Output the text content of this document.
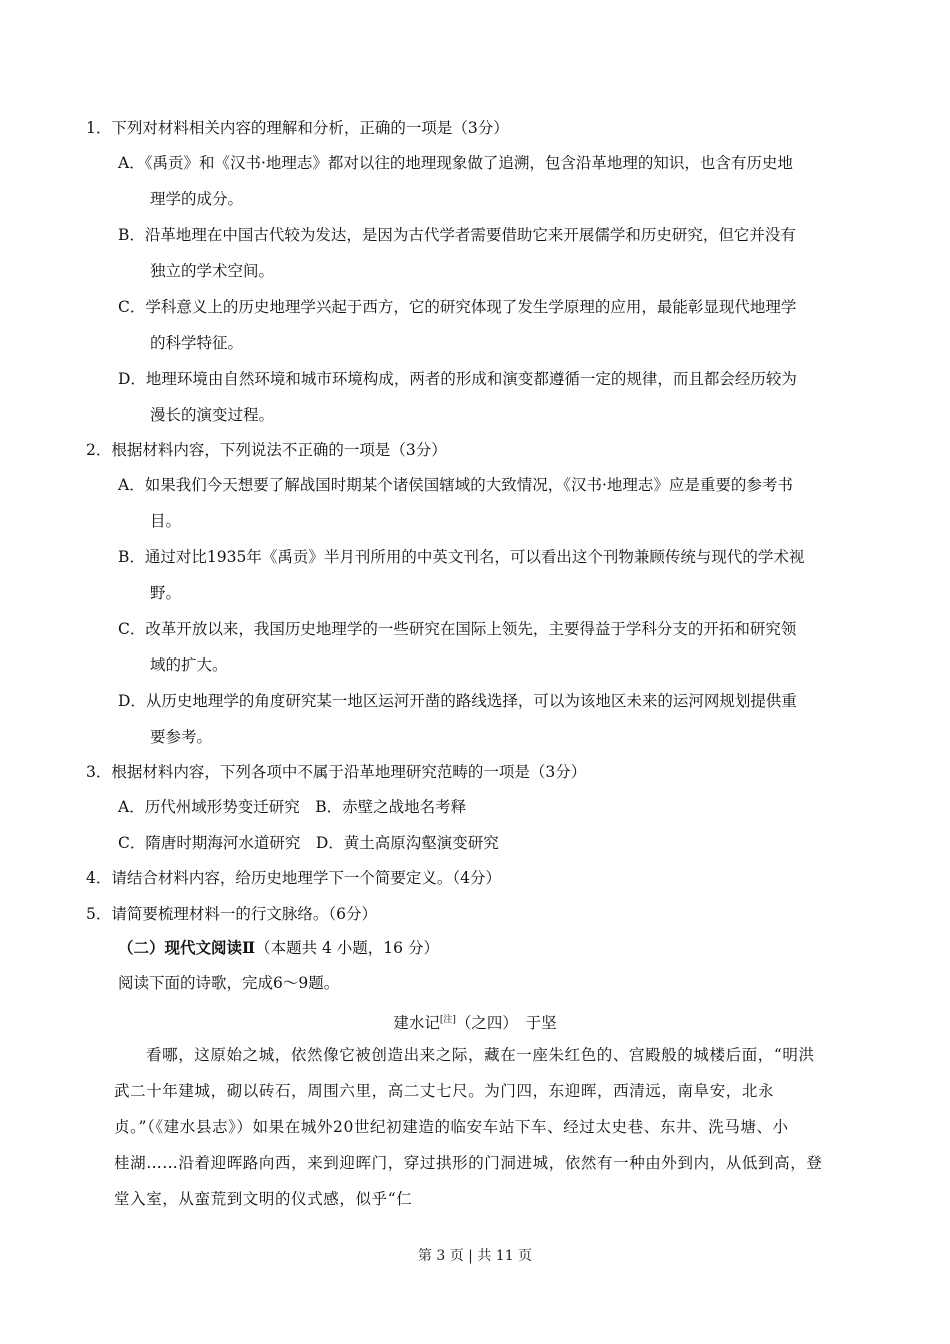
1．下列对材料相关内容的理解和分析，正确的一项是（3分）
A．《禹贡》和《汉书·地理志》都对以往的地理现象做了追溯，包含沿革地理的知识，也含有历史地
理学的成分。
B．沿革地理在中国古代较为发达，是因为古代学者需要借助它来开展儒学和历史研究，但它并没有
独立的学术空间。
C．学科意义上的历史地理学兴起于西方，它的研究体现了发生学原理的应用，最能彰显现代地理学
的科学特征。
D．地理环境由自然环境和城市环境构成，两者的形成和演变都遵循一定的规律，而且都会经历较为
漫长的演变过程。
2．根据材料内容，下列说法不正确的一项是（3分）
A．如果我们今天想要了解战国时期某个诸侯国辖域的大致情况，《汉书·地理志》应是重要的参考书
目。
B．通过对比1935年《禹贡》半月刊所用的中英文刊名，可以看出这个刊物兼顾传统与现代的学术视
野。
C．改革开放以来，我国历史地理学的一些研究在国际上领先，主要得益于学科分支的开拓和研究领
域的扩大。
D．从历史地理学的角度研究某一地区运河开凿的路线选择，可以为该地区未来的运河网规划提供重
要参考。
3．根据材料内容，下列各项中不属于沿革地理研究范畴的一项是（3分）
A．历代州域形势变迁研究　B．赤壁之战地名考释
C．隋唐时期海河水道研究　D．黄土高原沟壑演变研究
4．请结合材料内容，给历史地理学下一个简要定义。（4分）
5．请简要梳理材料一的行文脉络。（6分）
（二）现代文阅读Ⅱ（本题共 4 小题，16 分）
阅读下面的诗歌，完成6～9题。
建水记[注]（之四）　 于坚
看哪，这原始之城，依然像它被创造出来之际，藏在一座朱红色的、宫殿般的城楼后面，“明洪
武二十年建城，砌以砖石，周围六里，高二丈七尺。为门四，东迎晖，西清远，南阜安，北永
贞。”（《建水县志》）如果在城外20世纪初建造的临安车站下车、经过太史巷、东井、洗马塘、小
桂湖……沿着迎晖路向西，来到迎晖门，穿过拱形的门洞进城，依然有一种由外到内，从低到高，登
堂入室，从蛮荒到文明的仪式感，似乎“仁
第 3 页 | 共 11 页
